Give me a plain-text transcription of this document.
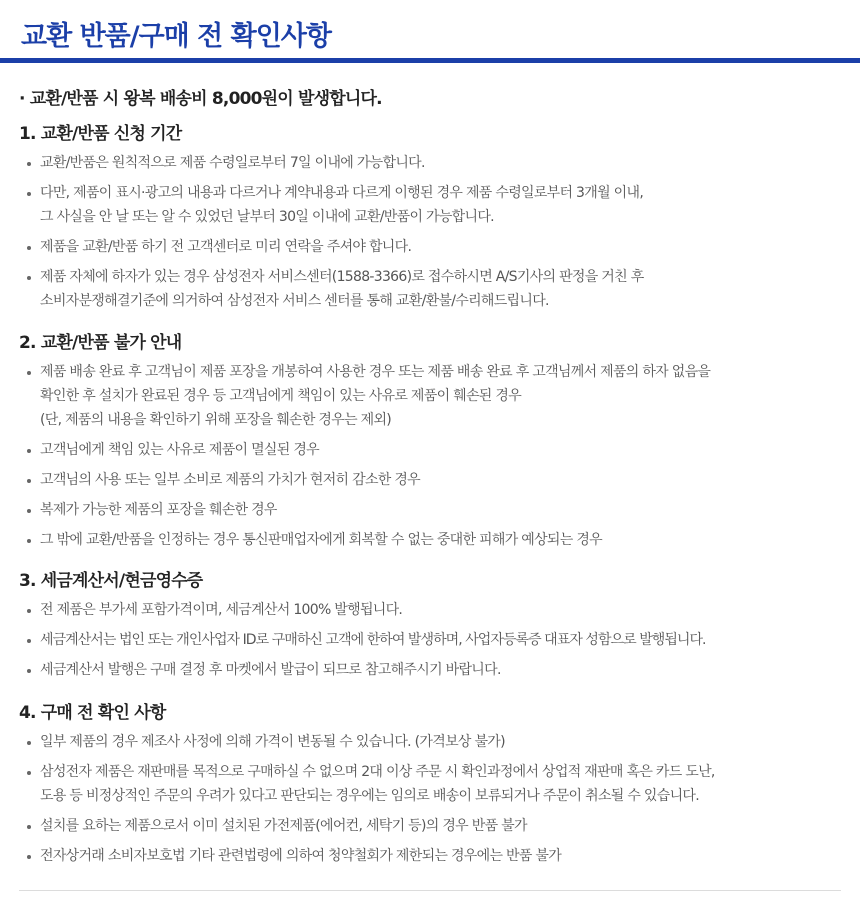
교환 반품/구매 전 확인사항

· 교환/반품 시 왕복 배송비 8,000원이 발생합니다.

1. 교환/반품 신청 기간
교환/반품은 원칙적으로 제품 수령일로부터 7일 이내에 가능합니다.
다만, 제품이 표시·광고의 내용과 다르거나 계약내용과 다르게 이행된 경우 제품 수령일로부터 3개월 이내,
그 사실을 안 날 또는 알 수 있었던 날부터 30일 이내에 교환/반품이 가능합니다.
제품을 교환/반품 하기 전 고객센터로 미리 연락을 주셔야 합니다.
제품 자체에 하자가 있는 경우 삼성전자 서비스센터(1588-3366)로 접수하시면 A/S기사의 판정을 거친 후
소비자분쟁해결기준에 의거하여 삼성전자 서비스 센터를 통해 교환/환불/수리해드립니다.
2. 교환/반품 불가 안내
제품 배송 완료 후 고객님이 제품 포장을 개봉하여 사용한 경우 또는 제품 배송 완료 후 고객님께서 제품의 하자 없음을
확인한 후 설치가 완료된 경우 등 고객님에게 책임이 있는 사유로 제품이 훼손된 경우
(단, 제품의 내용을 확인하기 위해 포장을 훼손한 경우는 제외)
고객님에게 책임 있는 사유로 제품이 멸실된 경우
고객님의 사용 또는 일부 소비로 제품의 가치가 현저히 감소한 경우
복제가 가능한 제품의 포장을 훼손한 경우
그 밖에 교환/반품을 인정하는 경우 통신판매업자에게 회복할 수 없는 중대한 피해가 예상되는 경우
3. 세금계산서/현금영수증
전 제품은 부가세 포함가격이며, 세금계산서 100% 발행됩니다.
세금계산서는 법인 또는 개인사업자 ID로 구매하신 고객에 한하여 발생하며, 사업자등록증 대표자 성함으로 발행됩니다.
세금계산서 발행은 구매 결정 후 마켓에서 발급이 되므로 참고해주시기 바랍니다.
4. 구매 전 확인 사항
일부 제품의 경우 제조사 사정에 의해 가격이 변동될 수 있습니다. (가격보상 불가)
삼성전자 제품은 재판매를 목적으로 구매하실 수 없으며 2대 이상 주문 시 확인과정에서 상업적 재판매 혹은 카드 도난,
도용 등 비정상적인 주문의 우려가 있다고 판단되는 경우에는 임의로 배송이 보류되거나 주문이 취소될 수 있습니다.
설치를 요하는 제품으로서 이미 설치된 가전제품(에어컨, 세탁기 등)의 경우 반품 불가
전자상거래 소비자보호법 기타 관련법령에 의하여 청약철회가 제한되는 경우에는 반품 불가
